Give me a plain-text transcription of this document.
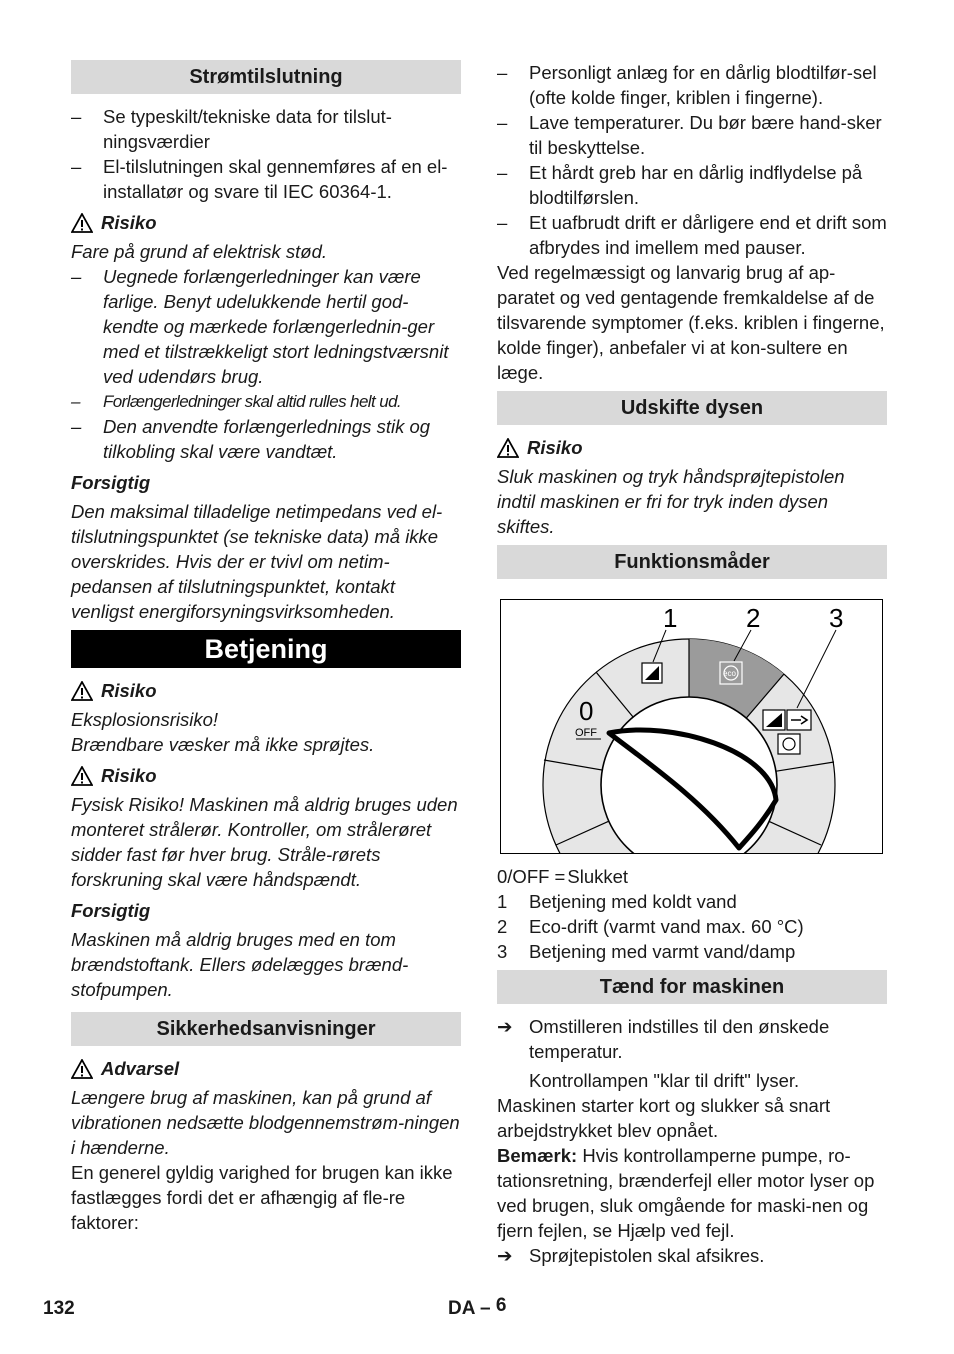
Strømtilslutning
– Se typeskilt/tekniske data for tilslut-ningsværdier
– El-tilslutningen skal gennemføres af en el-installatør og svare til IEC 60364-1.
Risiko

Fare på grund af elektrisk stød.

– Uegnede forlængerledninger kan være farlige. Benyt udelukkende hertil god-kendte og mærkede forlængerlednin-ger med et tilstrækkeligt stort ledningstværsnit ved udendørs brug.
– Forlængerledninger skal altid rulles helt ud.
– Den anvendte forlængerlednings stik og tilkobling skal være vandtæt.

Forsigtig

Den maksimal tilladelige netimpedans ved el-tilslutningspunktet (se tekniske data) må ikke overskrides. Hvis der er tvivl om netim-pedansen af tilslutningspunktet, kontakt venligst energiforsyningsvirksomheden.

Betjening
Risiko

Eksplosionsrisiko!

Brændbare væsker må ikke sprøjtes.

Risiko

Fysisk Risiko! Maskinen må aldrig bruges uden monteret strålerør. Kontroller, om strålerøret sidder fast før hver brug. Stråle-rørets forskruning skal være håndspændt.

Forsigtig

Maskinen må aldrig bruges med en tom brændstoftank. Ellers ødelægges brænd-stofpumpen.

Sikkerhedsanvisninger
Advarsel

Længere brug af maskinen, kan på grund af vibrationen nedsætte blodgennemstrøm-ningen i hænderne.

En generel gyldig varighed for brugen kan ikke fastlægges fordi det er afhængig af fle-re faktorer:

– Personligt anlæg for en dårlig blodtilfør-sel (ofte kolde finger, kriblen i fingerne).
– Lave temperaturer. Du bør bære hand-sker til beskyttelse.
– Et hårdt greb har en dårlig indflydelse på blodtilførslen.
– Et uafbrudt drift er dårligere end et drift som afbrydes ind imellem med pauser.

Ved regelmæssigt og lanvarig brug af ap-paratet og ved gentagende fremkaldelse af de tilsvarende symptomer (f.eks. kriblen i fingerne, kolde finger), anbefaler vi at kon-sultere en læge.

Udskifte dysen
Risiko

Sluk maskinen og tryk håndsprøjtepistolen indtil maskinen er fri for tryk inden dysen skiftes.

Funktionsmåder
1	2	3
0
OFF
eco
0/OFF = Slukket
1	Betjening med koldt vand
2	Eco-drift (varmt vand max. 60 °C)
3	Betjening med varmt vand/damp
Tænd for maskinen
➔ Omstilleren indstilles til den ønskede temperatur.

Kontrollampen "klar til drift" lyser.

Maskinen starter kort og slukker så snart arbejdstrykket blev opnået.

Bemærk: Hvis kontrollamperne pumpe, ro-tationsretning, brænderfejl eller motor lyser op ved brugen, sluk omgående for maski-nen og fjern fejlen, se Hjælp ved fejl.

➔ Sprøjtepistolen skal afsikres.
132	DA – 6
